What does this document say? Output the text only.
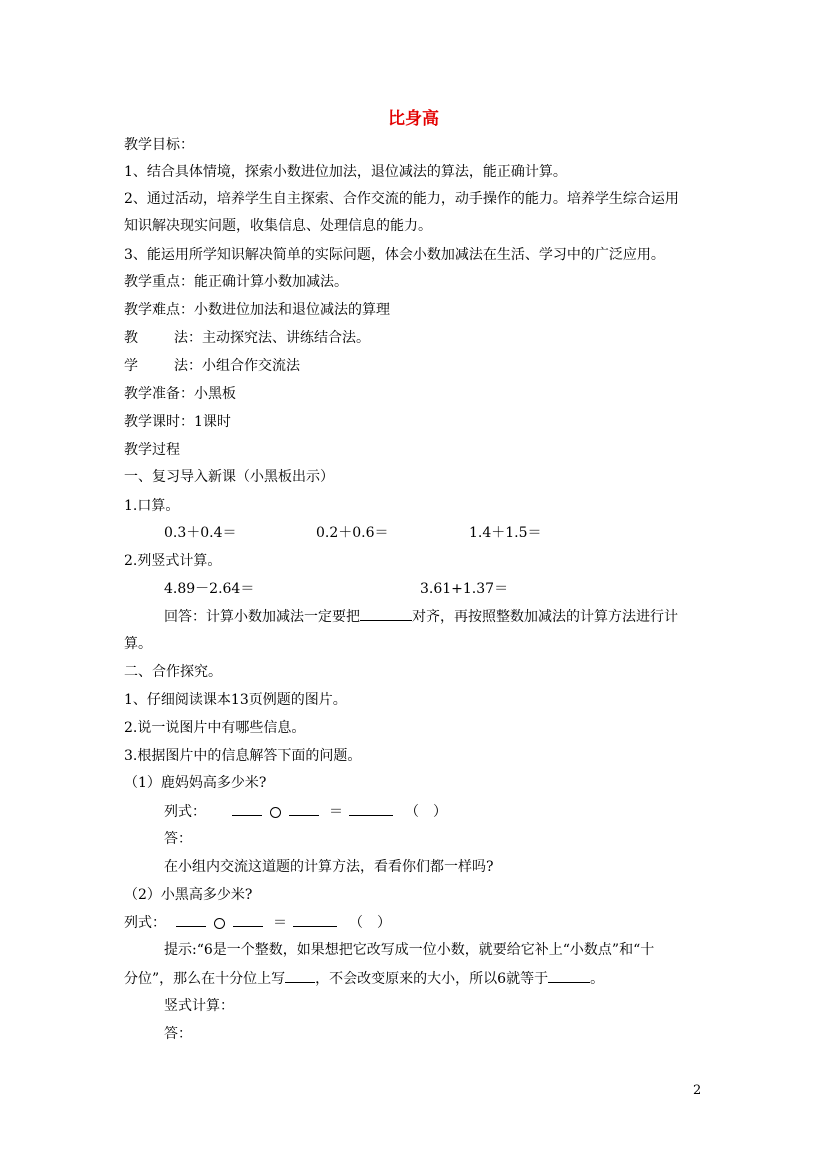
比身高
教学目标：
1、结合具体情境，探索小数进位加法，退位减法的算法，能正确计算。
2、通过活动，培养学生自主探索、合作交流的能力，动手操作的能力。培养学生综合运用
知识解决现实问题，收集信息、处理信息的能力。
3、能运用所学知识解决简单的实际问题，体会小数加减法在生活、学习中的广泛应用。
教学重点：能正确计算小数加减法。
教学难点：小数进位加法和退位减法的算理
教	法：主动探究法、讲练结合法。
学	法：小组合作交流法
教学准备：小黑板
教学课时：1课时
教学过程
一、复习导入新课（小黑板出示）
1.口算。
0.3＋0.4＝	0.2＋0.6＝	1.4＋1.5＝
2.列竖式计算。
4.89－2.64＝	3.61+1.37＝
回答：计算小数加减法一定要把	对齐，再按照整数加减法的计算方法进行计
算。
二、合作探究。
1、仔细阅读课本13页例题的图片。
2.说一说图片中有哪些信息。
3.根据图片中的信息解答下面的问题。
（1）鹿妈妈高多少米?
列式：	＝	（ ）
答：
在小组内交流这道题的计算方法，看看你们都一样吗?
（2）小黑高多少米?
列式：	＝	（ ）
提示:“6是一个整数，如果想把它改写成一位小数，就要给它补上“小数点”和“十
分位”，那么在十分位上写 ，不会改变原来的大小，所以6就等于	。
竖式计算：
答：
2
